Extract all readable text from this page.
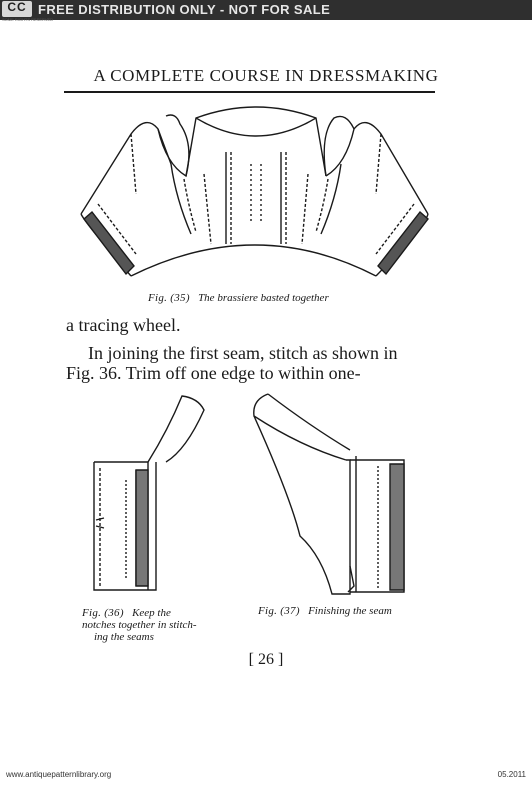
CC FREE DISTRIBUTION ONLY - NOT FOR SALE
SOME RIGHTS RESERVED
A COMPLETE COURSE IN DRESSMAKING
Fig. (35) The brassiere basted together
a tracing wheel.
In joining the first seam, stitch as shown in
Fig. 36. Trim off one edge to within one-
Fig. (36) Keep the
notches together in stitch-
ing the seams
Fig. (37) Finishing the seam
[ 26 ]
www.antiquepatternlibrary.org	05.2011
